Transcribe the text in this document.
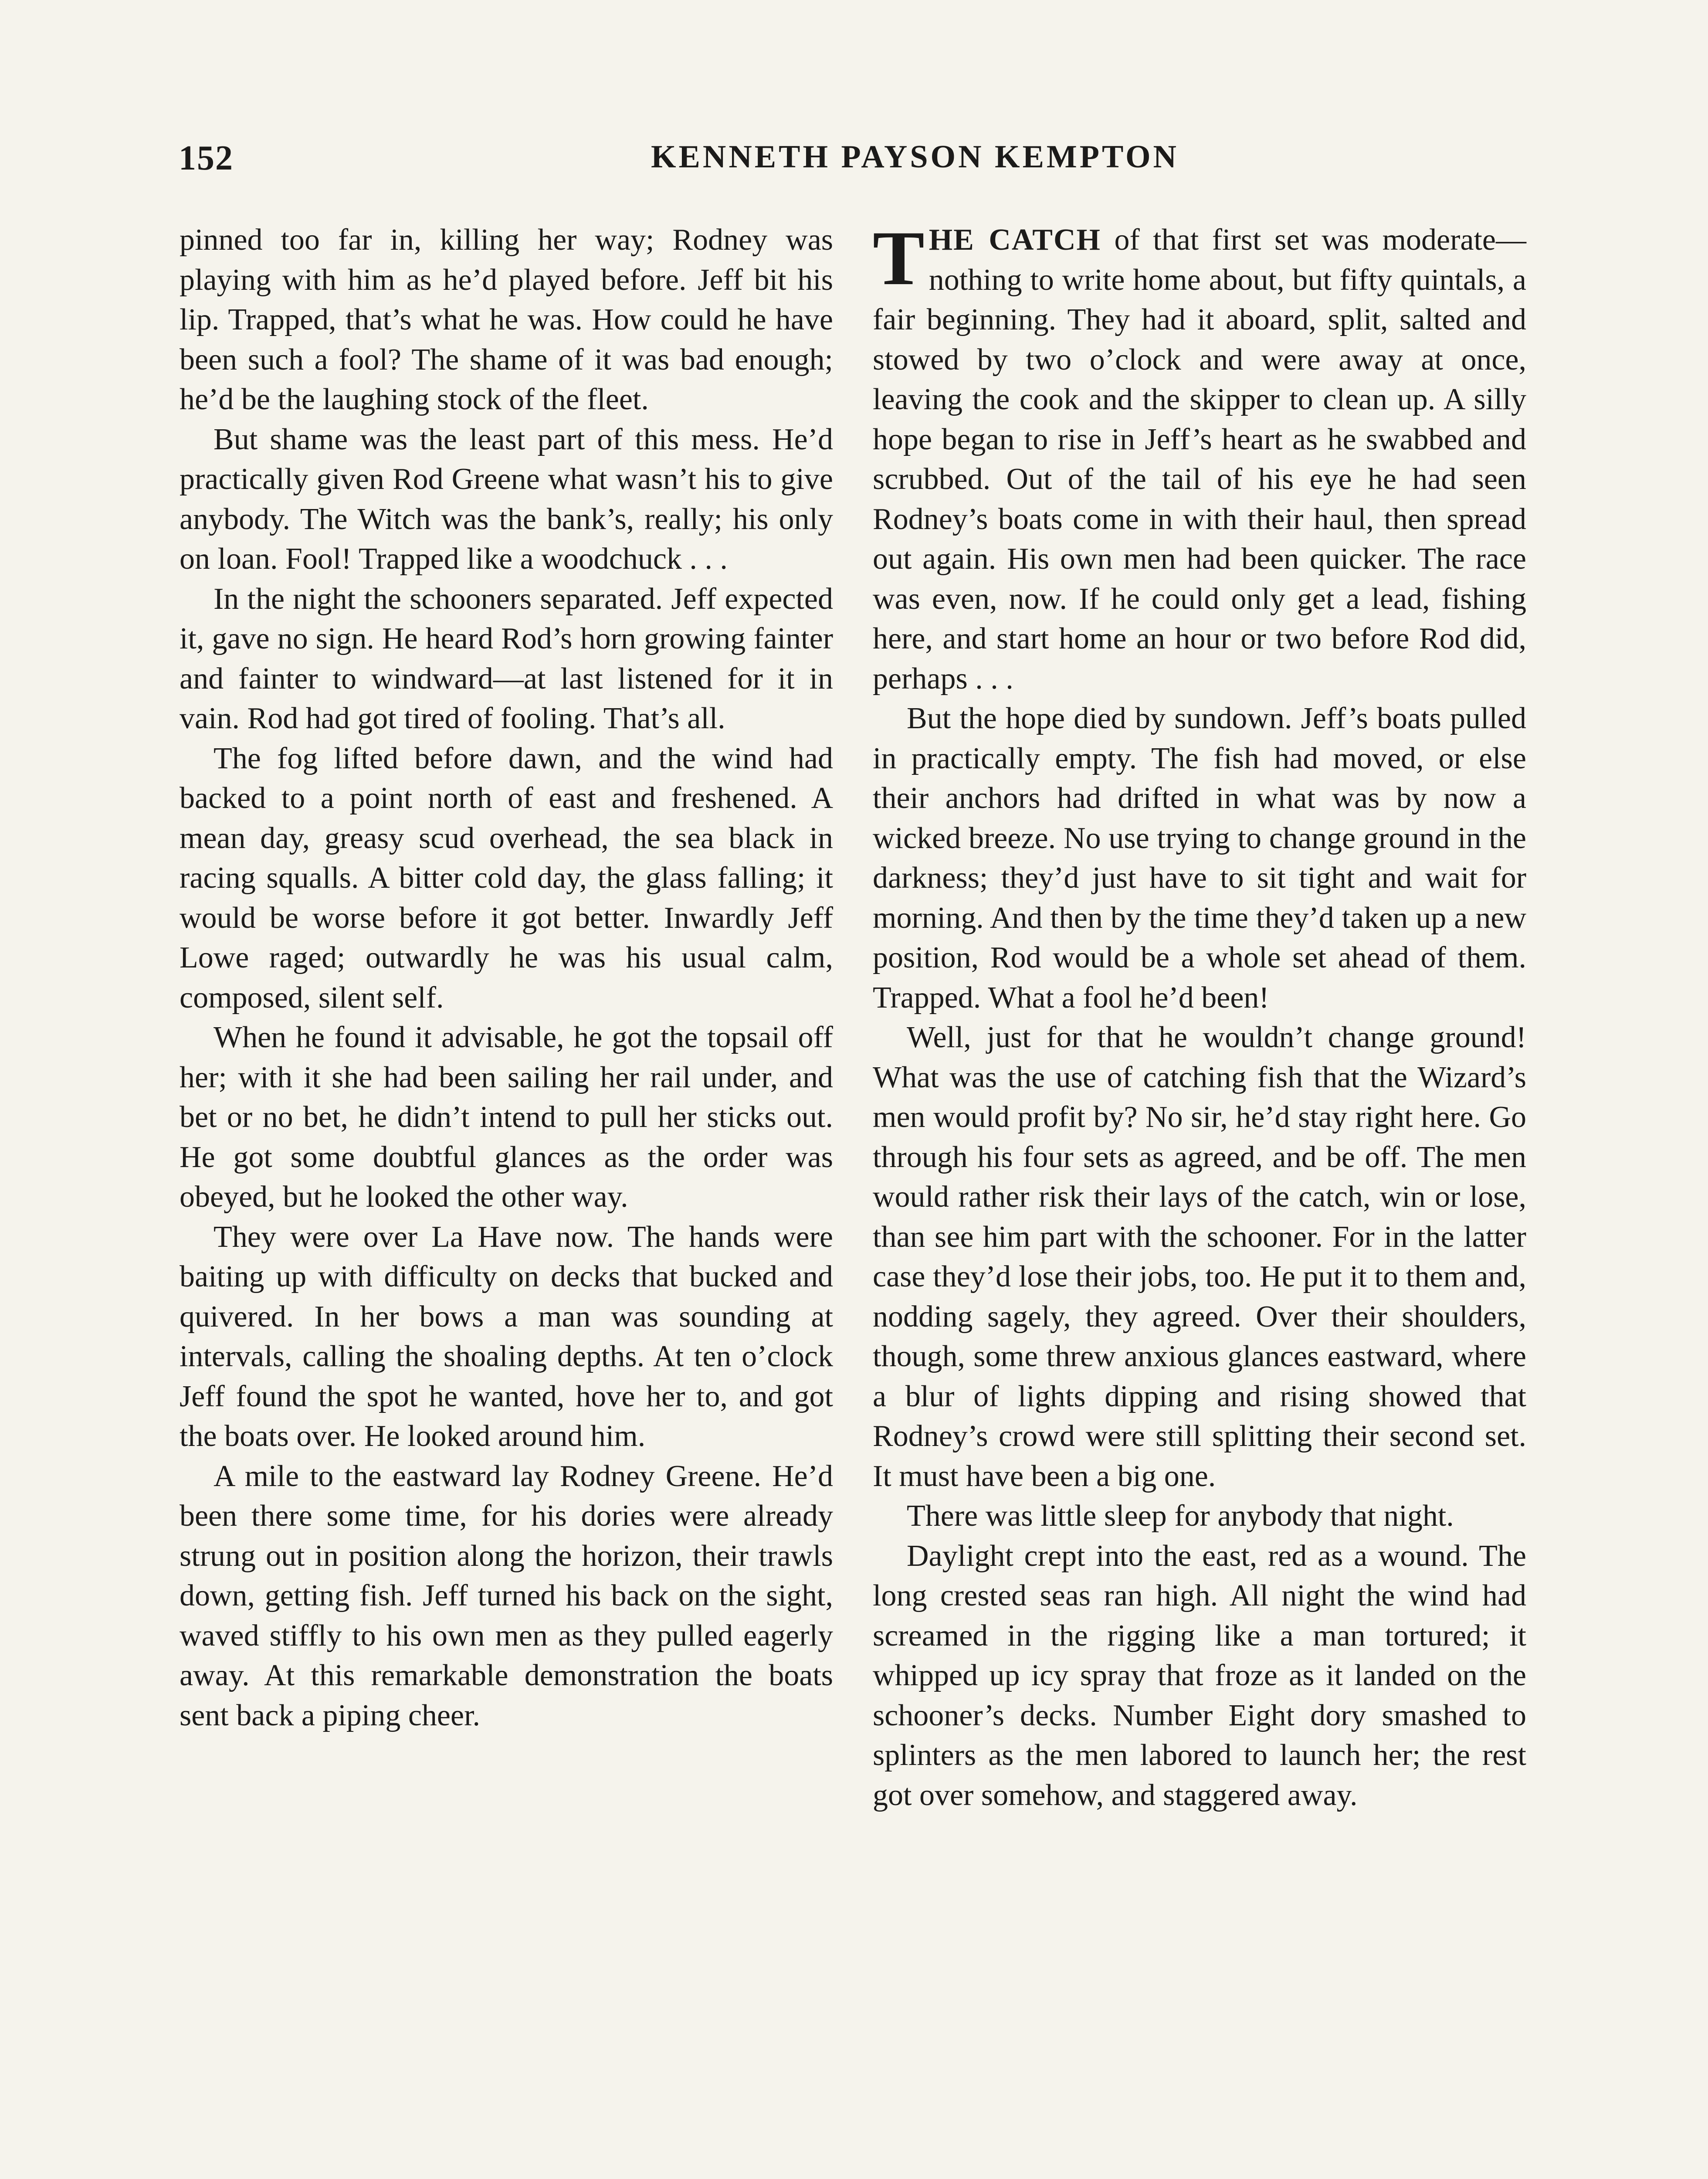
152	KENNETH PAYSON KEMPTON

pinned too far in, killing her way; Rodney was playing with him as he’d played before. Jeff bit his lip. Trapped, that’s what he was. How could he have been such a fool? The shame of it was bad enough; he’d be the laughing stock of the fleet.

But shame was the least part of this mess. He’d practically given Rod Greene what wasn’t his to give anybody. The Witch was the bank’s, really; his only on loan. Fool! Trapped like a woodchuck . . .

In the night the schooners separated. Jeff expected it, gave no sign. He heard Rod’s horn growing fainter and fainter to windward—at last listened for it in vain. Rod had got tired of fooling. That’s all.

The fog lifted before dawn, and the wind had backed to a point north of east and freshened. A mean day, greasy scud overhead, the sea black in racing squalls. A bitter cold day, the glass falling; it would be worse before it got better. Inwardly Jeff Lowe raged; outwardly he was his usual calm, composed, silent self.

When he found it advisable, he got the topsail off her; with it she had been sailing her rail under, and bet or no bet, he didn’t intend to pull her sticks out. He got some doubtful glances as the order was obeyed, but he looked the other way.

They were over La Have now. The hands were baiting up with difficulty on decks that bucked and quivered. In her bows a man was sounding at intervals, calling the shoaling depths. At ten o’clock Jeff found the spot he wanted, hove her to, and got the boats over. He looked around him.

A mile to the eastward lay Rodney Greene. He’d been there some time, for his dories were already strung out in position along the horizon, their trawls down, getting fish. Jeff turned his back on the sight, waved stiffly to his own men as they pulled eagerly away. At this remarkable demonstration the boats sent back a piping cheer.

THE CATCH of that first set was moderate—nothing to write home about, but fifty quintals, a fair beginning. They had it aboard, split, salted and stowed by two o’clock and were away at once, leaving the cook and the skipper to clean up. A silly hope began to rise in Jeff’s heart as he swabbed and scrubbed. Out of the tail of his eye he had seen Rodney’s boats come in with their haul, then spread out again. His own men had been quicker. The race was even, now. If he could only get a lead, fishing here, and start home an hour or two before Rod did, perhaps . . .

But the hope died by sundown. Jeff’s boats pulled in practically empty. The fish had moved, or else their anchors had drifted in what was by now a wicked breeze. No use trying to change ground in the darkness; they’d just have to sit tight and wait for morning. And then by the time they’d taken up a new position, Rod would be a whole set ahead of them. Trapped. What a fool he’d been!

Well, just for that he wouldn’t change ground! What was the use of catching fish that the Wizard’s men would profit by? No sir, he’d stay right here. Go through his four sets as agreed, and be off. The men would rather risk their lays of the catch, win or lose, than see him part with the schooner. For in the latter case they’d lose their jobs, too. He put it to them and, nodding sagely, they agreed. Over their shoulders, though, some threw anxious glances eastward, where a blur of lights dipping and rising showed that Rodney’s crowd were still splitting their second set. It must have been a big one.

There was little sleep for anybody that night.

Daylight crept into the east, red as a wound. The long crested seas ran high. All night the wind had screamed in the rigging like a man tortured; it whipped up icy spray that froze as it landed on the schooner’s decks. Number Eight dory smashed to splinters as the men labored to launch her; the rest got over somehow, and staggered away.
